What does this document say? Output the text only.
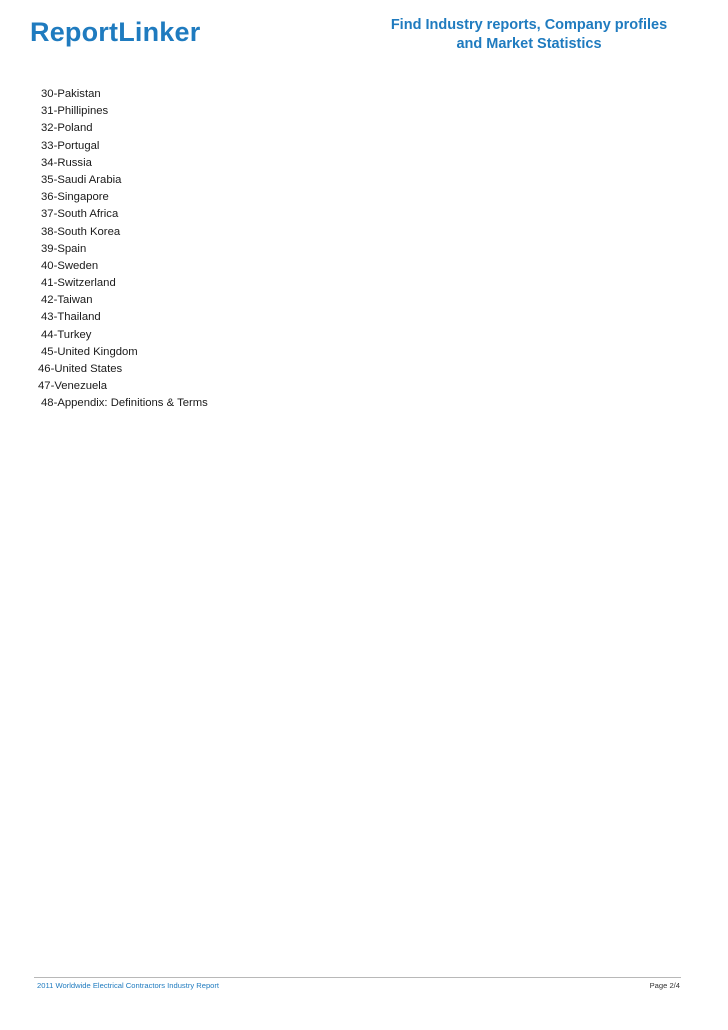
ReportLinker	Find Industry reports, Company profiles
and Market Statistics
30-Pakistan
31-Phillipines
32-Poland
33-Portugal
34-Russia
35-Saudi Arabia
36-Singapore
37-South Africa
38-South Korea
39-Spain
40-Sweden
41-Switzerland
42-Taiwan
43-Thailand
44-Turkey
45-United Kingdom
46-United States
47-Venezuela
48-Appendix: Definitions & Terms
2011 Worldwide Electrical Contractors Industry Report	Page 2/4
